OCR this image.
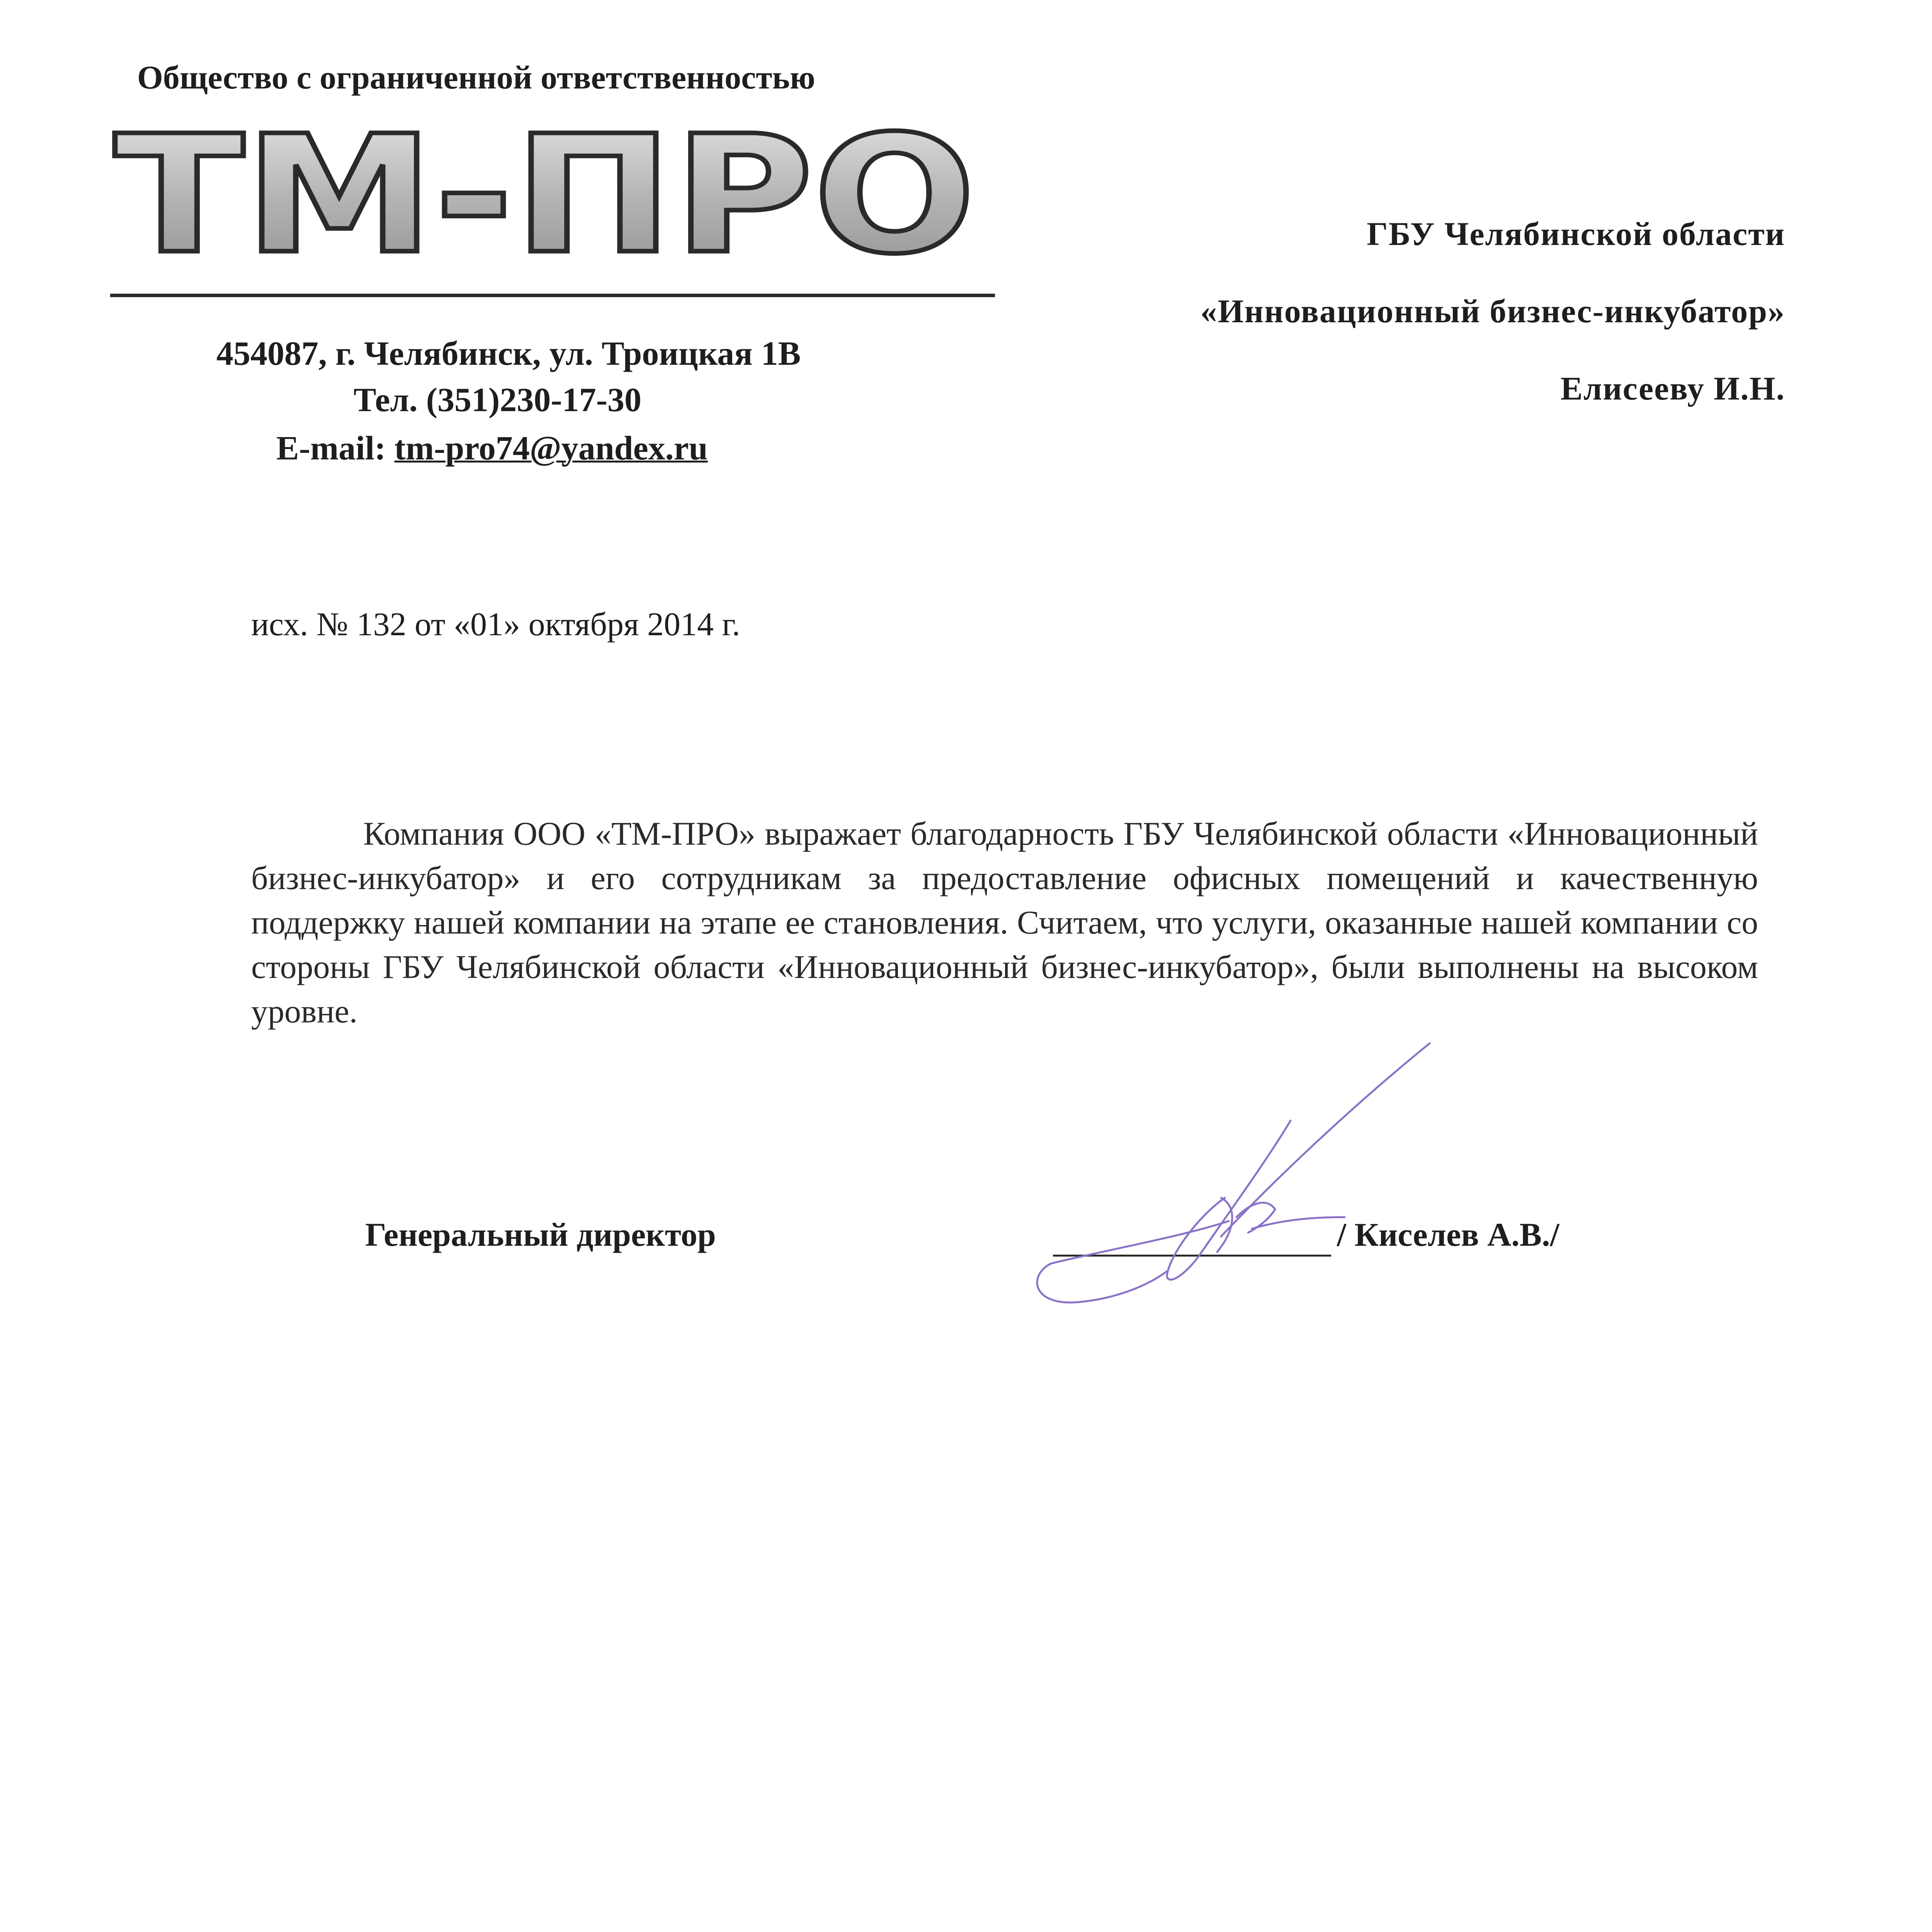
Общество с ограниченной ответственностью
ТМ-ПРО
454087, г. Челябинск, ул. Троицкая 1В
Тел. (351)230-17-30
E-mail: tm-pro74@yandex.ru
ГБУ Челябинской области
«Инновационный бизнес-инкубатор»
Елисееву И.Н.
исх. № 132 от «01» октября 2014 г.
Компания ООО «ТМ-ПРО» выражает благодарность ГБУ Челябинской области «Инновационный бизнес-инкубатор» и его сотрудникам за предоставление офисных помещений и качественную поддержку нашей компании на этапе ее становления. Считаем, что услуги, оказанные нашей компании со стороны ГБУ Челябинской области «Инновационный бизнес-инкубатор», были выполнены на высоком уровне.
Генеральный директор	/ Киселев А.В./
